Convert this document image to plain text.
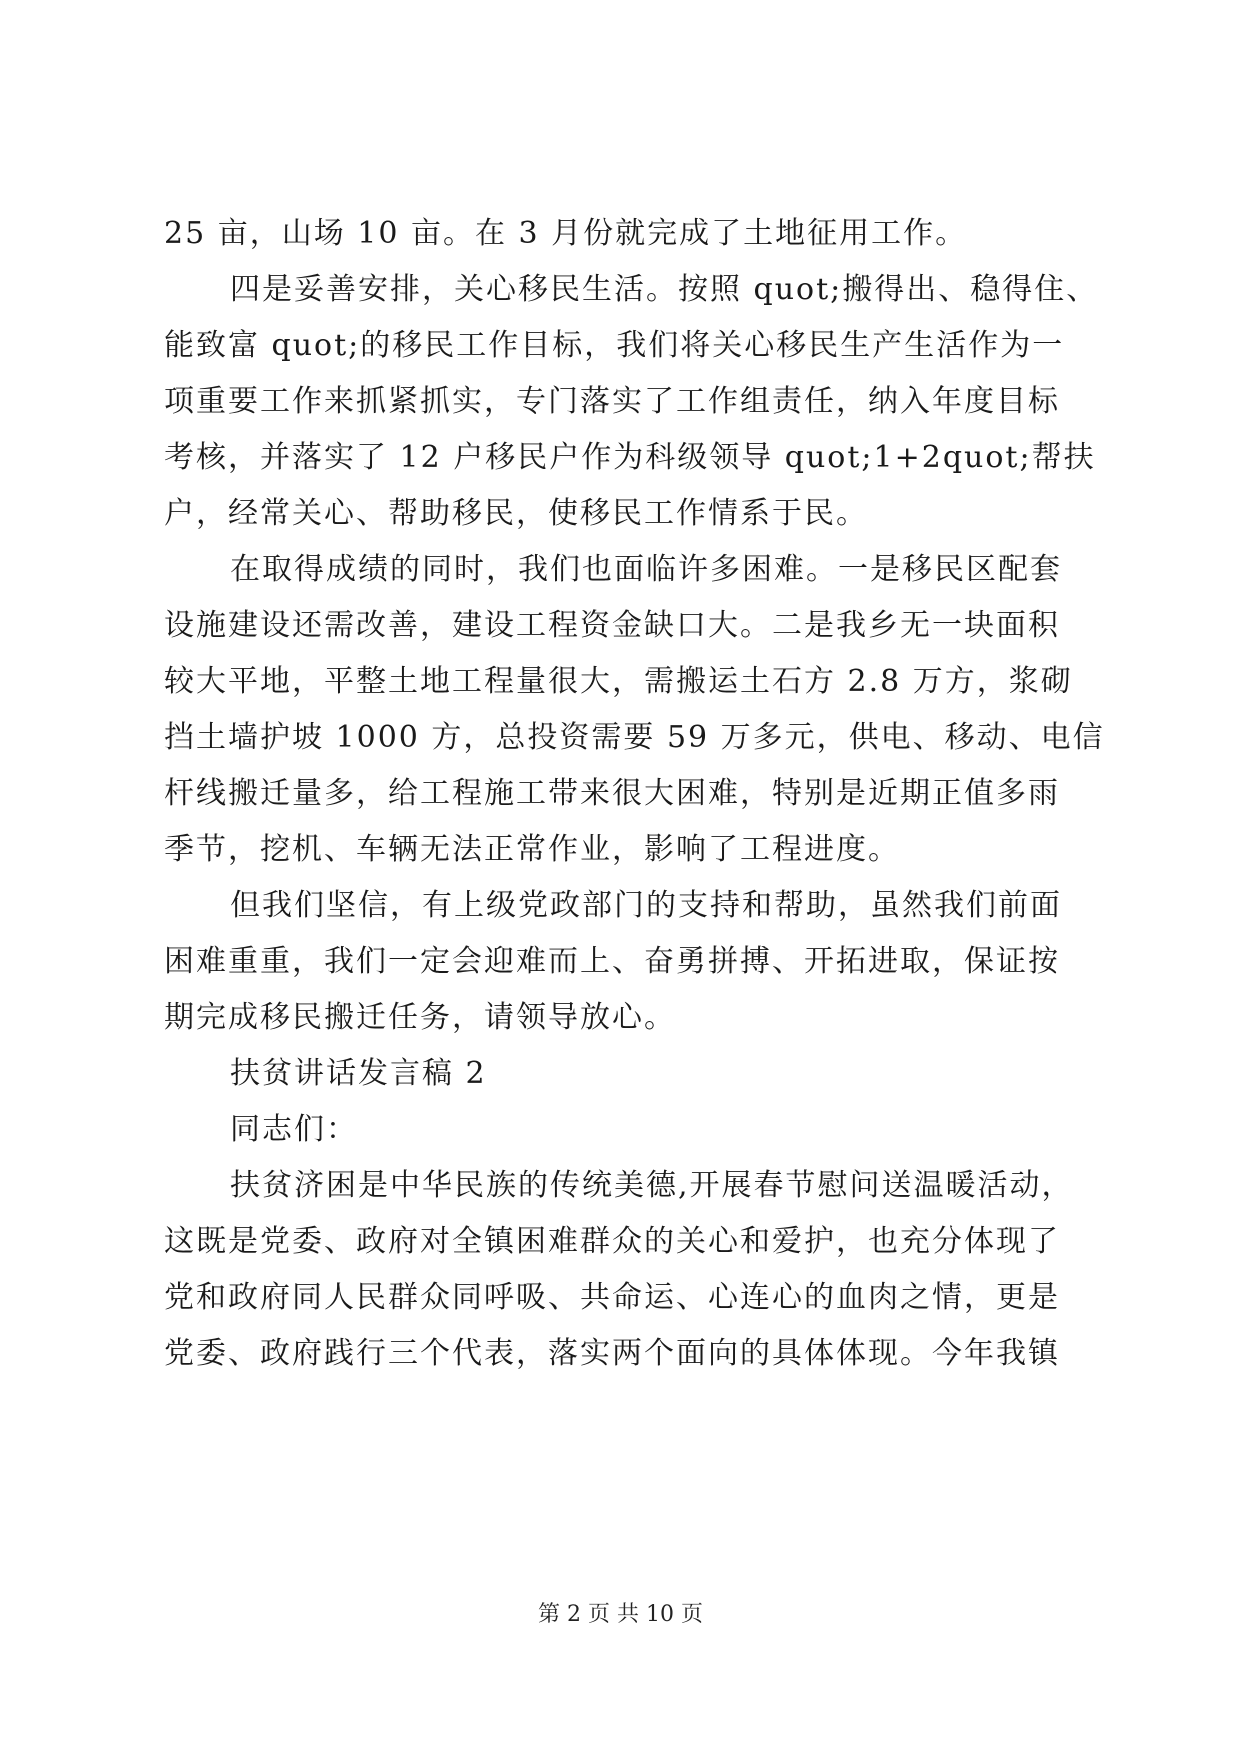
25 亩，山场 10 亩。在 3 月份就完成了土地征用工作。
四是妥善安排，关心移民生活。按照 quot;搬得出、稳得住、
能致富 quot;的移民工作目标，我们将关心移民生产生活作为一
项重要工作来抓紧抓实，专门落实了工作组责任，纳入年度目标
考核，并落实了 12 户移民户作为科级领导 quot;1+2quot;帮扶
户，经常关心、帮助移民，使移民工作情系于民。
在取得成绩的同时，我们也面临许多困难。一是移民区配套
设施建设还需改善，建设工程资金缺口大。二是我乡无一块面积
较大平地，平整土地工程量很大，需搬运土石方 2.8 万方，浆砌
挡土墙护坡 1000 方，总投资需要 59 万多元，供电、移动、电信
杆线搬迁量多，给工程施工带来很大困难，特别是近期正值多雨
季节，挖机、车辆无法正常作业，影响了工程进度。
但我们坚信，有上级党政部门的支持和帮助，虽然我们前面
困难重重，我们一定会迎难而上、奋勇拼搏、开拓进取，保证按
期完成移民搬迁任务，请领导放心。
扶贫讲话发言稿 2
同志们：
扶贫济困是中华民族的传统美德,开展春节慰问送温暖活动，
这既是党委、政府对全镇困难群众的关心和爱护，也充分体现了
党和政府同人民群众同呼吸、共命运、心连心的血肉之情，更是
党委、政府践行三个代表，落实两个面向的具体体现。今年我镇
第 2 页 共 10 页
